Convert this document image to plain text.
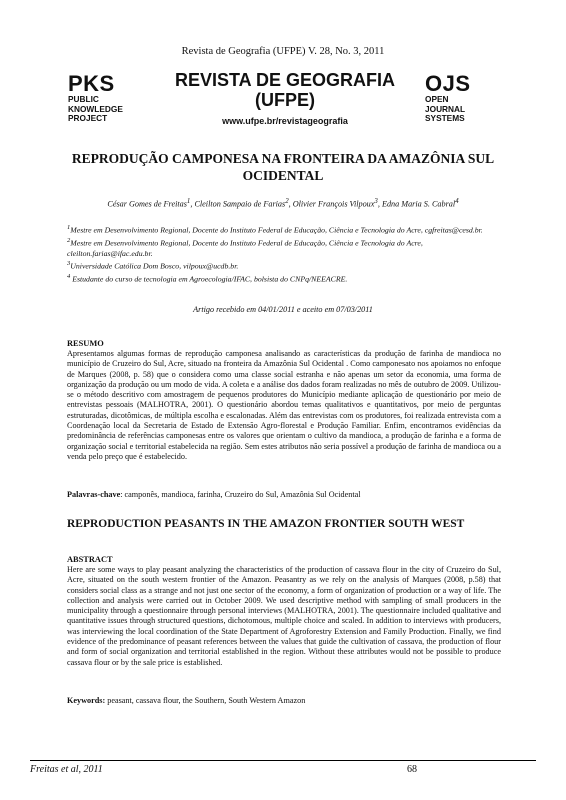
Revista de Geografia (UFPE) V. 28, No. 3, 2011
PKS
PUBLIC
KNOWLEDGE
PROJECT
REVISTA DE GEOGRAFIA
(UFPE)
www.ufpe.br/revistageografia
OJS
OPEN
JOURNAL
SYSTEMS
REPRODUÇÃO CAMPONESA NA FRONTEIRA DA AMAZÔNIA SUL OCIDENTAL
César Gomes de Freitas$^1$, Cleilton Sampaio de Farias$^2$, Olivier François Vilpoux$^3$, Edna Maria S. Cabral$^4$
$^1$Mestre em Desenvolvimento Regional, Docente do Instituto Federal de Educação, Ciência e Tecnologia do Acre, cgfreitas@cesd.br.
$^2$Mestre em Desenvolvimento Regional, Docente do Instituto Federal de Educação, Ciência e Tecnologia do Acre, cleilton.farias@ifac.edu.br.
$^3$Universidade Católica Dom Bosco, vilpoux@ucdb.br.
$^4$ Estudante do curso de tecnologia em Agroecologia/IFAC, bolsista do CNPq/NEEACRE.
Artigo recebido em 04/01/2011 e aceito em 07/03/2011
RESUMO
Apresentamos algumas formas de reprodução camponesa analisando as características da produção de farinha de mandioca no município de Cruzeiro do Sul, Acre, situado na fronteira da Amazônia Sul Ocidental . Como camponesato nos apoiamos no enfoque de Marques (2008, p. 58) que o considera como uma classe social estranha e não apenas um setor da economia, uma forma de organização da produção ou um modo de vida. A coleta e a análise dos dados foram realizadas no mês de outubro de 2009. Utilizou-se o método descritivo com amostragem de pequenos produtores do Município mediante aplicação de questionário por meio de entrevistas pessoais (MALHOTRA, 2001). O questionário abordou temas qualitativos e quantitativos, por meio de perguntas estruturadas, dicotômicas, de múltipla escolha e escalonadas. Além das entrevistas com os produtores, foi realizada entrevista com a Coordenação local da Secretaria de Estado de Extensão Agro-florestal e Produção Familiar. Enfim, encontramos evidências da predominância de referências camponesas entre os valores que orientam o cultivo da mandioca, a produção de farinha e a forma de organização social e territorial estabelecida na região. Sem estes atributos não seria possível a produção de farinha de mandioca ou a venda pelo preço que é estabelecido.
Palavras-chave: camponês, mandioca, farinha, Cruzeiro do Sul, Amazônia Sul Ocidental
REPRODUCTION PEASANTS IN THE AMAZON FRONTIER SOUTH WEST
ABSTRACT
Here are some ways to play peasant analyzing the characteristics of the production of cassava flour in the city of Cruzeiro do Sul, Acre, situated on the south western frontier of the Amazon. Peasantry as we rely on the analysis of Marques (2008, p.58) that considers social class as a strange and not just one sector of the economy, a form of organization of production or a way of life. The collection and analysis were carried out in October 2009. We used descriptive method with sampling of small producers in the municipality through a questionnaire through personal interviews (MALHOTRA, 2001). The questionnaire included qualitative and quantitative issues through structured questions, dichotomous, multiple choice and scaled. In addition to interviews with producers, was interviewing the local coordination of the State Department of Agroforestry Extension and Family Production. Finally, we find evidence of the predominance of peasant references between the values that guide the cultivation of cassava, the production of flour and form of social organization and territorial established in the region. Without these attributes would not be possible to produce cassava flour or by the sale price is established.
Keywords: peasant, cassava flour, the Southern, South Western Amazon
Freitas et al, 2011	68
